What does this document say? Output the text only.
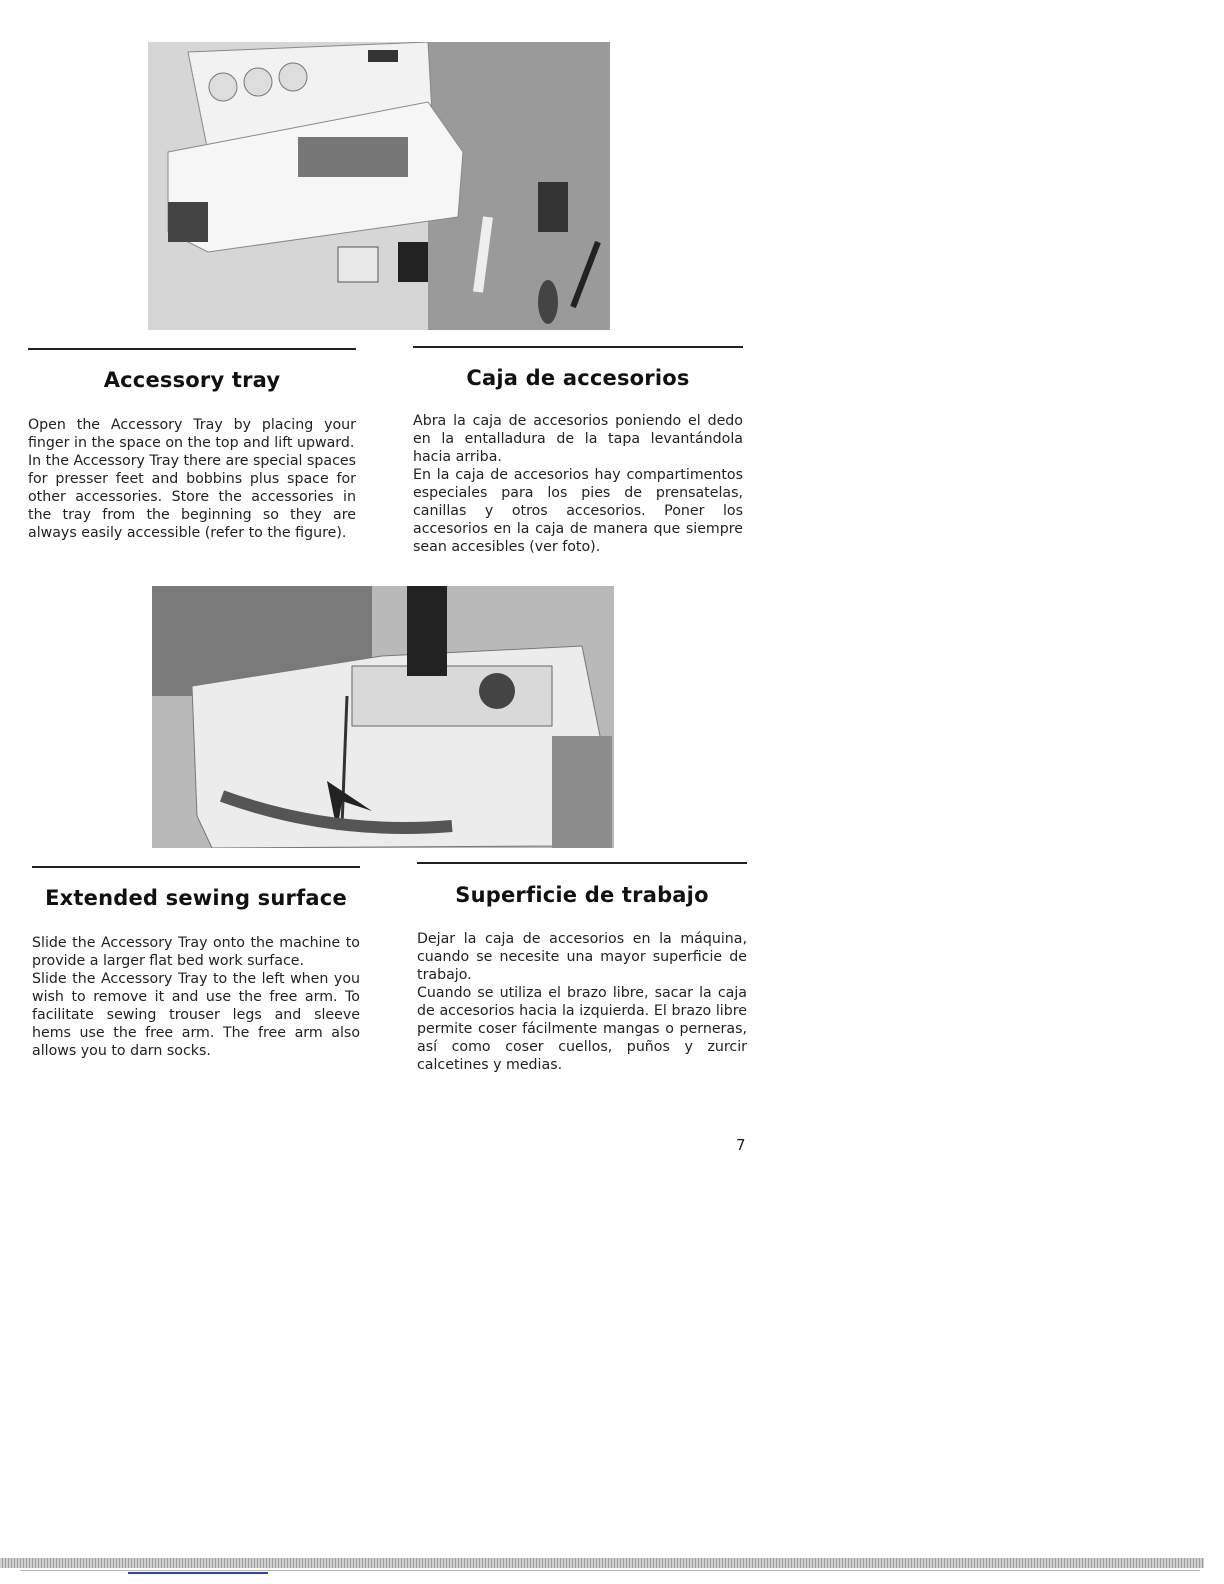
Accessory tray	Caja de accesorios

Open the Accessory Tray by placing your finger in the space on the top and lift upward.

In the Accessory Tray there are special spaces for presser feet and bobbins plus space for other accessories. Store the accessories in the tray from the beginning so they are always easily accessible (refer to the figure).

Abra la caja de accesorios poniendo el dedo en la entalladura de la tapa levantándola hacia arriba.

En la caja de accesorios hay compartimentos especiales para los pies de prensatelas, canillas y otros accesorios. Poner los accesorios en la caja de manera que siempre sean accesibles (ver foto).

Extended sewing surface	Superficie de trabajo

Slide the Accessory Tray onto the machine to provide a larger flat bed work surface.

Slide the Accessory Tray to the left when you wish to remove it and use the free arm. To facilitate sewing trouser legs and sleeve hems use the free arm. The free arm also allows you to darn socks.

Dejar la caja de accesorios en la máquina, cuando se necesite una mayor superficie de trabajo.

Cuando se utiliza el brazo libre, sacar la caja de accesorios hacia la izquierda. El brazo libre permite coser fácilmente mangas o perneras, así como coser cuellos, puños y zurcir calcetines y medias.

7
